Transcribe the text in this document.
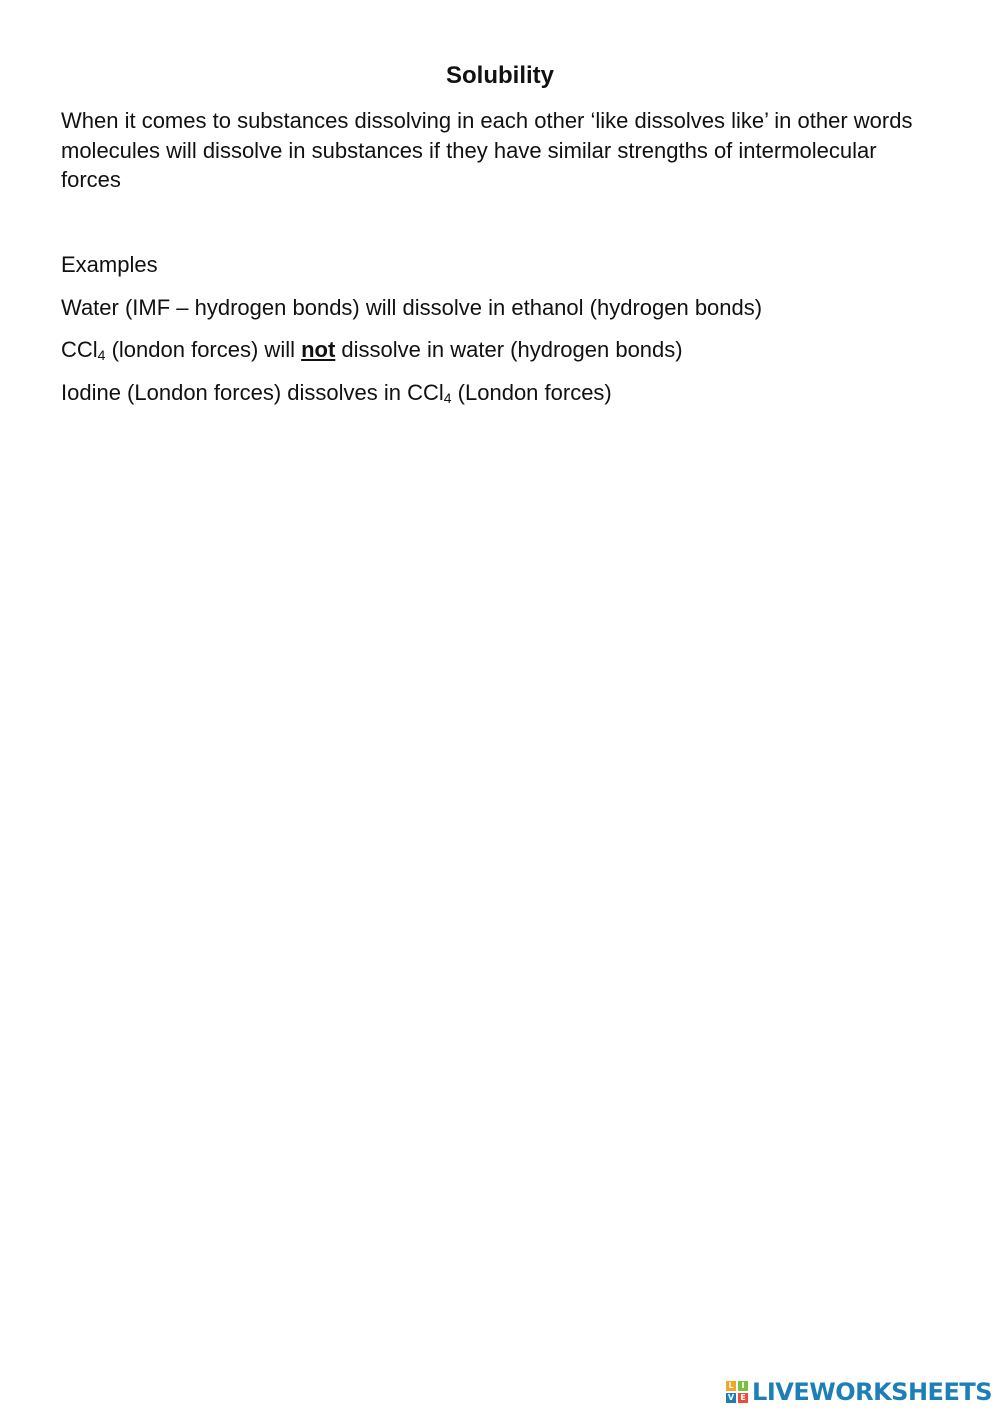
Solubility

When it comes to substances dissolving in each other ‘like dissolves like’ in other words molecules will dissolve in substances if they have similar strengths of intermolecular forces

Examples
Water (IMF – hydrogen bonds) will dissolve in ethanol (hydrogen bonds)
CCl$_4$ (london forces) will not dissolve in water (hydrogen bonds)
Iodine (London forces) dissolves in CCl$_4$ (London forces)
L I
V E LIVEWORKSHEETS
